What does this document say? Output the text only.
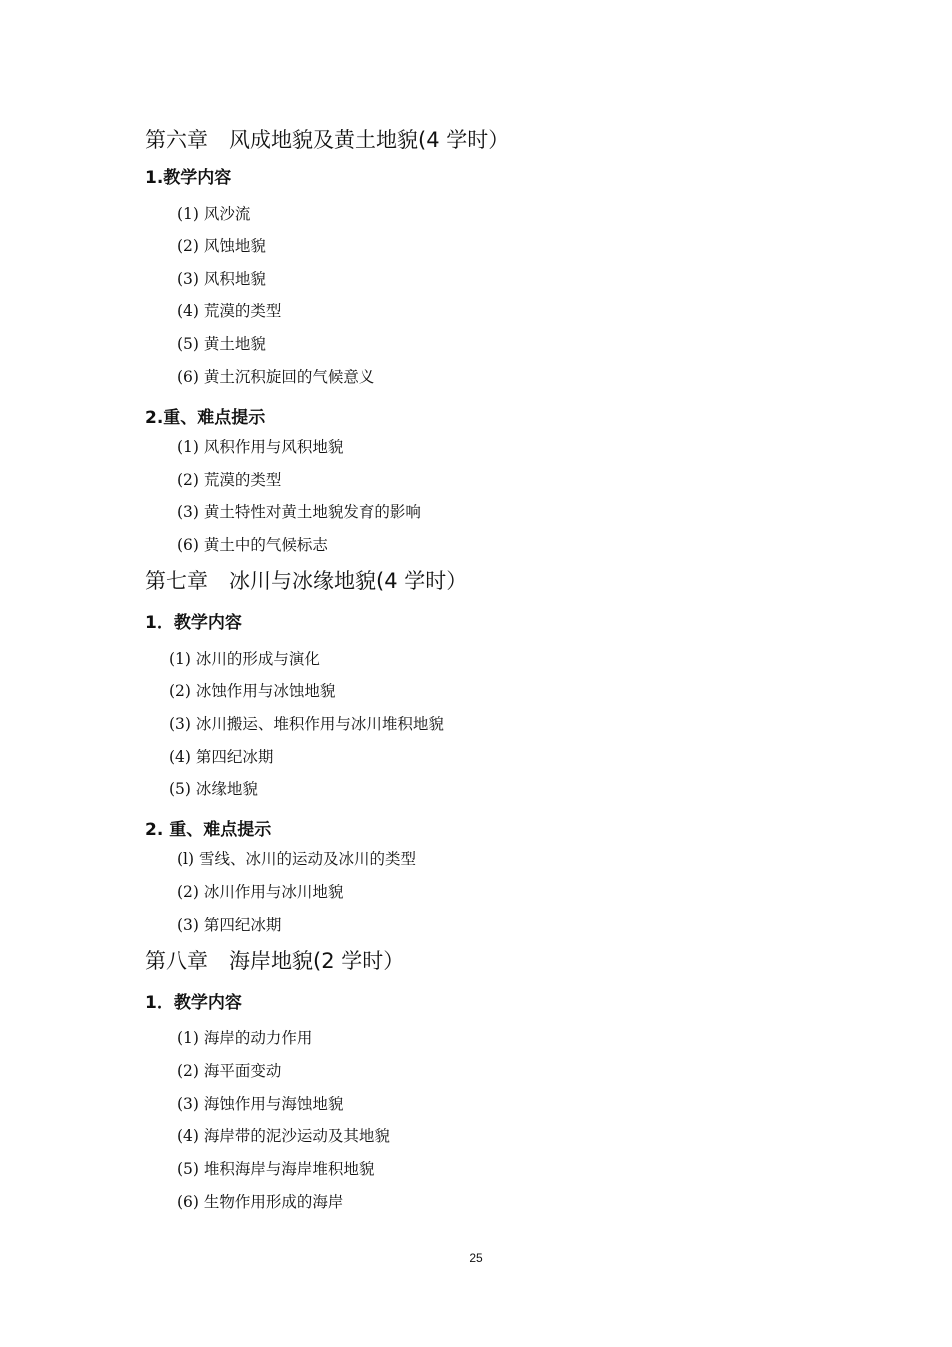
第六章　风成地貌及黄土地貌(4 学时）
1.教学内容
(1) 风沙流
(2) 风蚀地貌
(3) 风积地貌
(4) 荒漠的类型
(5) 黄土地貌
(6) 黄土沉积旋回的气候意义
2.重、难点提示
(1) 风积作用与风积地貌
(2) 荒漠的类型
(3) 黄土特性对黄土地貌发育的影响
(6) 黄土中的气候标志
第七章　冰川与冰缘地貌(4 学时）
1．教学内容
(1) 冰川的形成与演化
(2) 冰蚀作用与冰蚀地貌
(3) 冰川搬运、堆积作用与冰川堆积地貌
(4) 第四纪冰期
(5) 冰缘地貌
2. 重、难点提示
(l) 雪线、冰川的运动及冰川的类型
(2) 冰川作用与冰川地貌
(3) 第四纪冰期
第八章　海岸地貌(2 学时）
1．教学内容
(1) 海岸的动力作用
(2) 海平面变动
(3) 海蚀作用与海蚀地貌
(4) 海岸带的泥沙运动及其地貌
(5) 堆积海岸与海岸堆积地貌
(6) 生物作用形成的海岸
25
